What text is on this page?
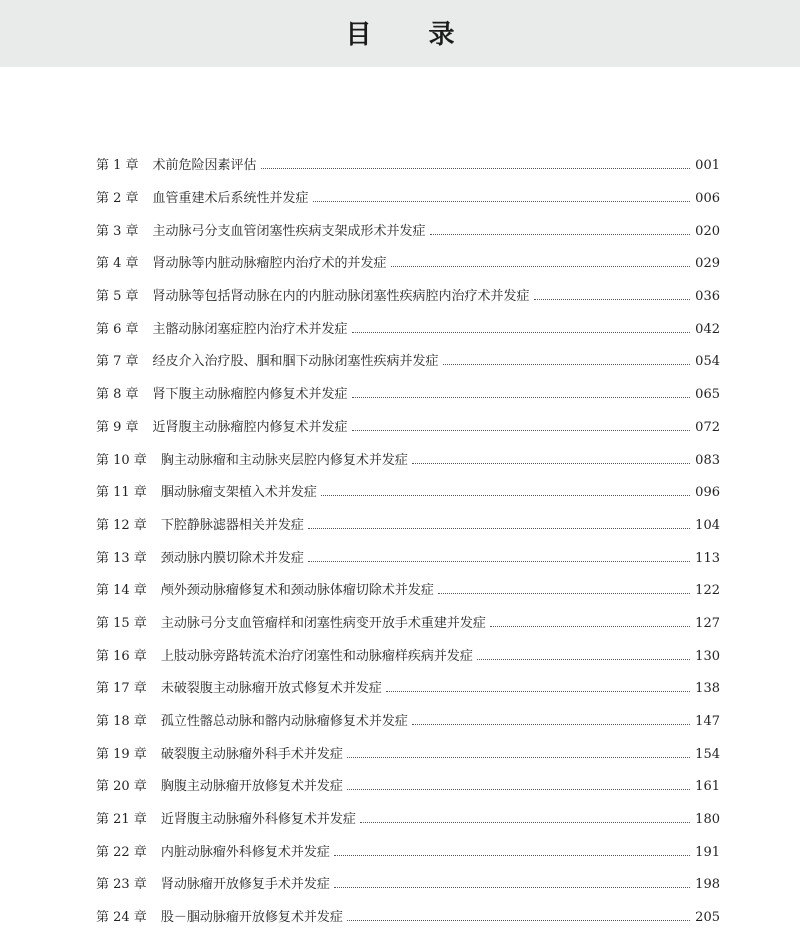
目 录
第 1 章	术前危险因素评估	001
第 2 章	血管重建术后系统性并发症	006
第 3 章	主动脉弓分支血管闭塞性疾病支架成形术并发症	020
第 4 章	肾动脉等内脏动脉瘤腔内治疗术的并发症	029
第 5 章	肾动脉等包括肾动脉在内的内脏动脉闭塞性疾病腔内治疗术并发症	036
第 6 章	主髂动脉闭塞症腔内治疗术并发症	042
第 7 章	经皮介入治疗股、腘和腘下动脉闭塞性疾病并发症	054
第 8 章	肾下腹主动脉瘤腔内修复术并发症	065
第 9 章	近肾腹主动脉瘤腔内修复术并发症	072
第 10 章	胸主动脉瘤和主动脉夹层腔内修复术并发症	083
第 11 章	腘动脉瘤支架植入术并发症	096
第 12 章	下腔静脉滤器相关并发症	104
第 13 章	颈动脉内膜切除术并发症	113
第 14 章	颅外颈动脉瘤修复术和颈动脉体瘤切除术并发症	122
第 15 章	主动脉弓分支血管瘤样和闭塞性病变开放手术重建并发症	127
第 16 章	上肢动脉旁路转流术治疗闭塞性和动脉瘤样疾病并发症	130
第 17 章	未破裂腹主动脉瘤开放式修复术并发症	138
第 18 章	孤立性髂总动脉和髂内动脉瘤修复术并发症	147
第 19 章	破裂腹主动脉瘤外科手术并发症	154
第 20 章	胸腹主动脉瘤开放修复术并发症	161
第 21 章	近肾腹主动脉瘤外科修复术并发症	180
第 22 章	内脏动脉瘤外科修复术并发症	191
第 23 章	肾动脉瘤开放修复手术并发症	198
第 24 章	股－腘动脉瘤开放修复术并发症	205
